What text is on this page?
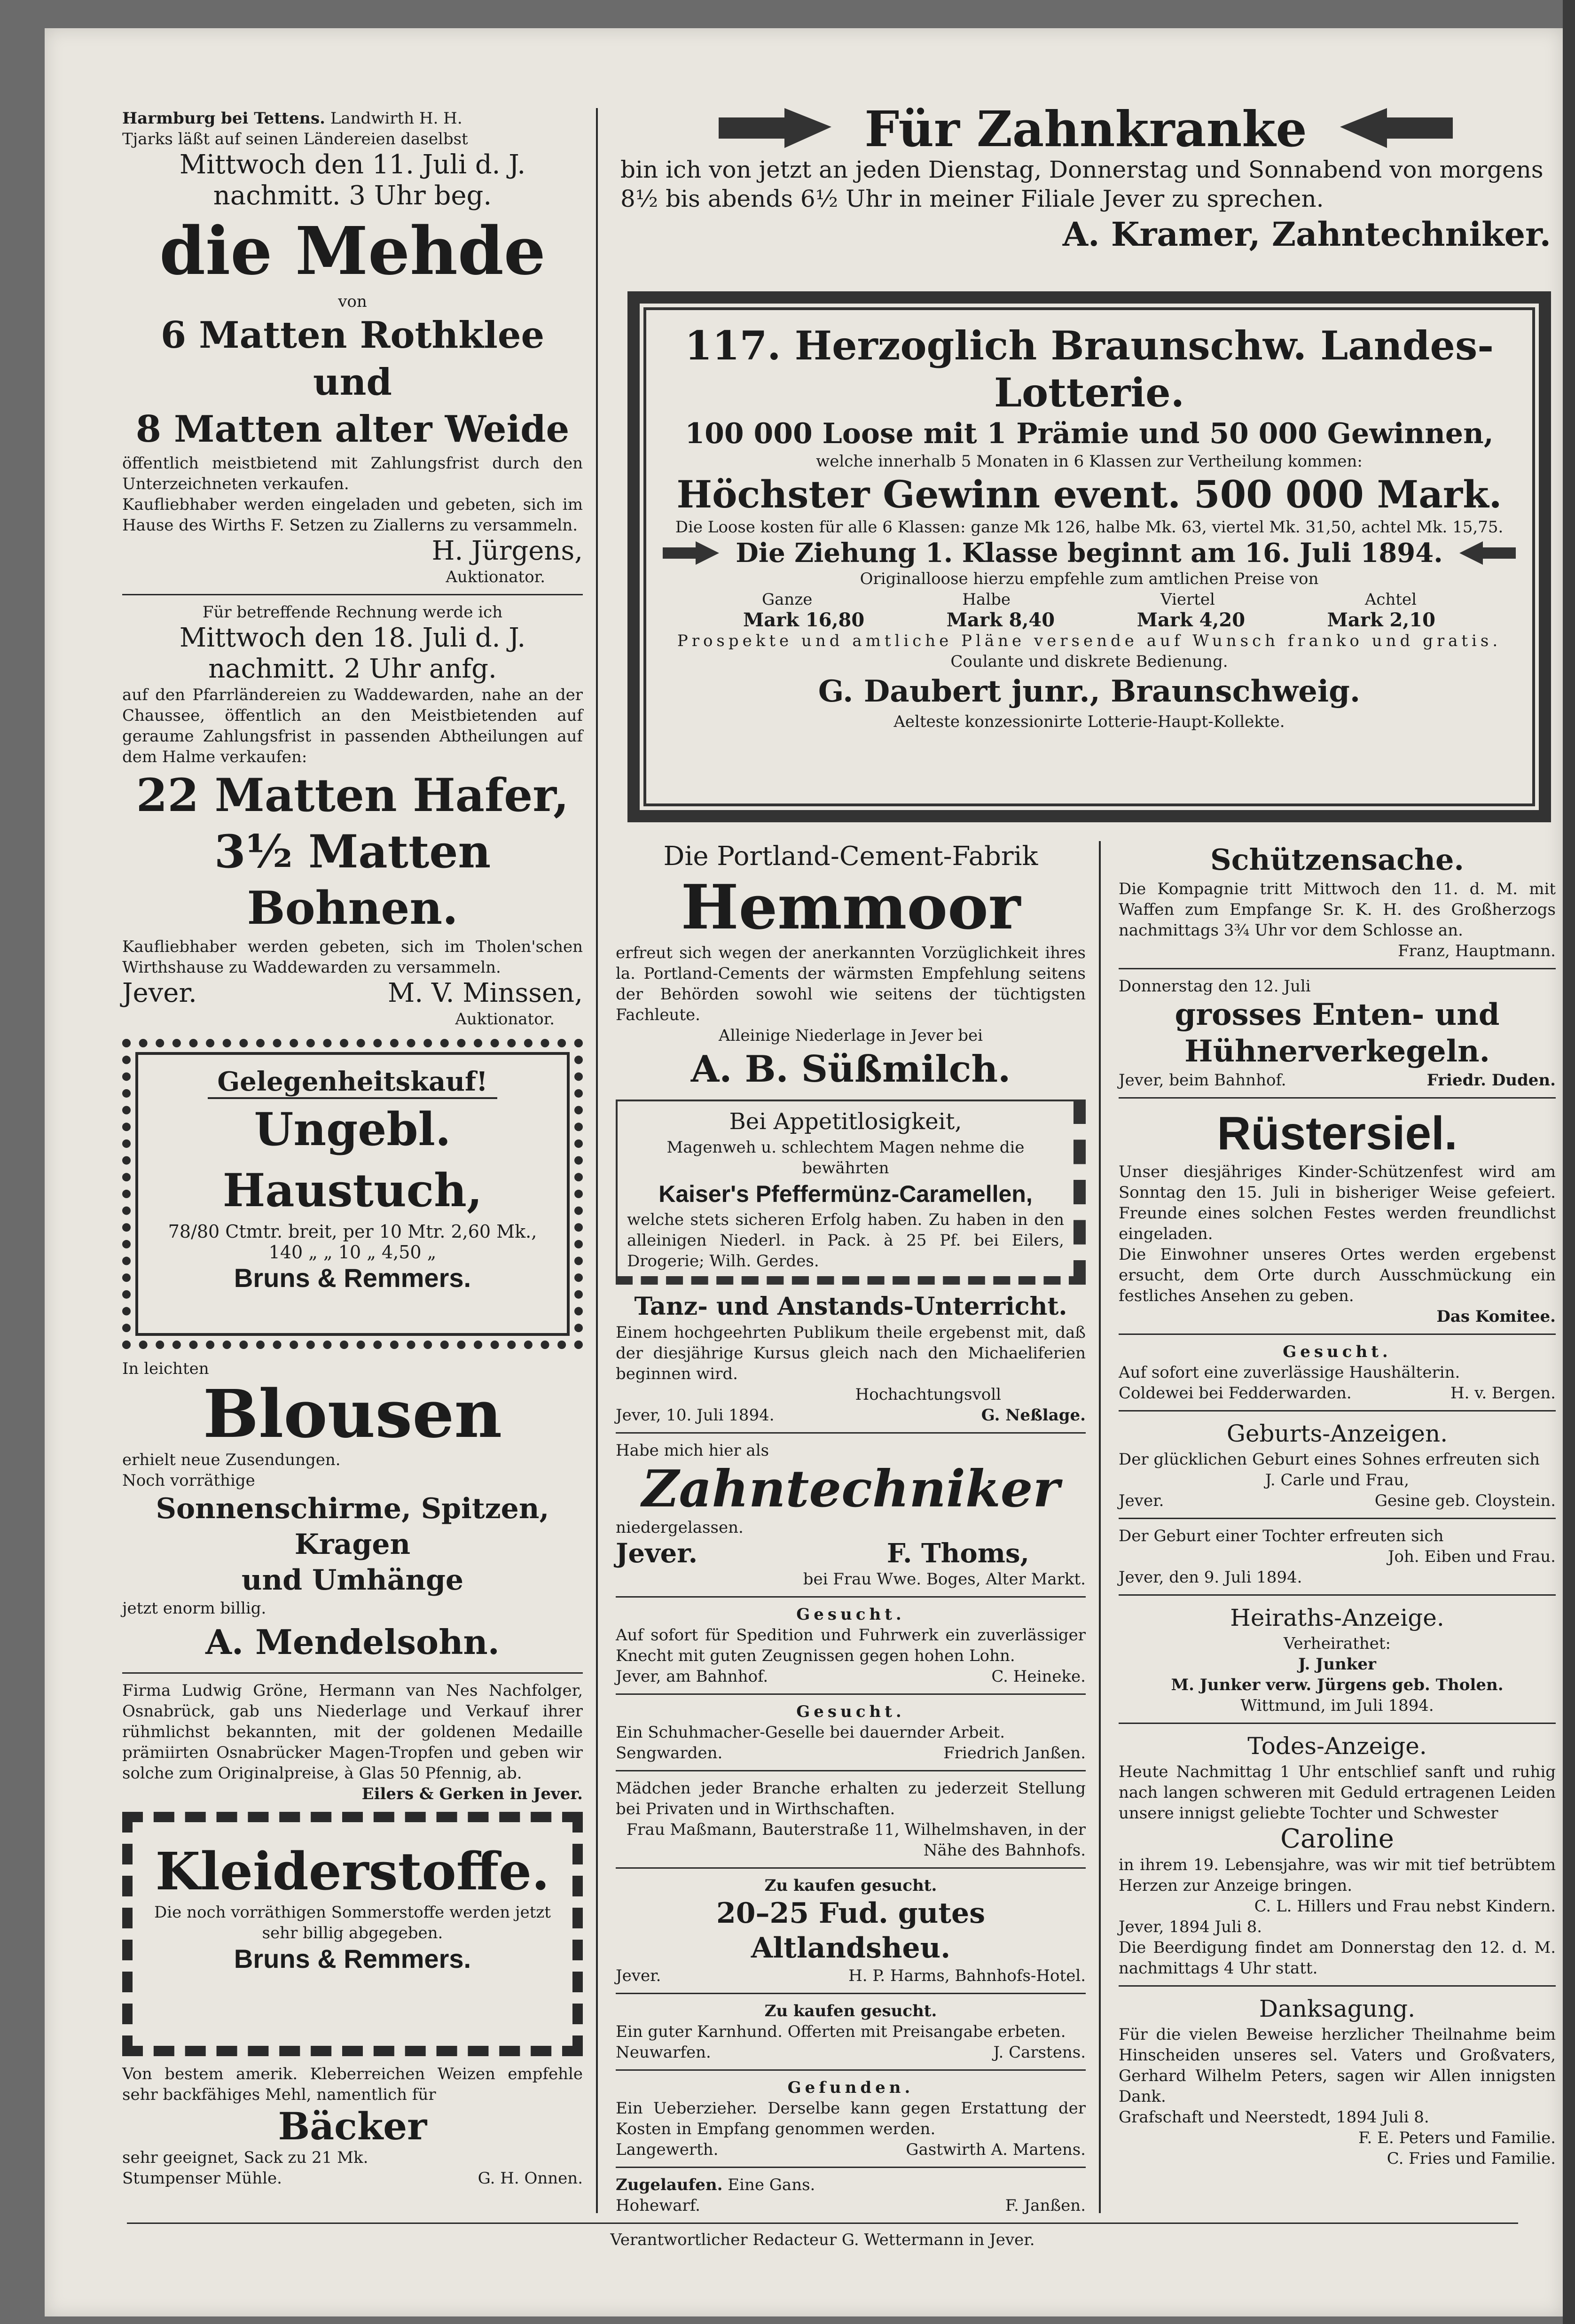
Harmburg bei Tettens. Landwirth H. H.
Tjarks läßt auf seinen Ländereien daselbst
Mittwoch den 11. Juli d. J.
nachmitt. 3 Uhr beg.
die Mehde
von
6 Matten Rothklee und
8 Matten alter Weide
öffentlich meistbietend mit Zahlungsfrist durch den Unterzeichneten verkaufen.
Kaufliebhaber werden eingeladen und gebeten, sich im Hause des Wirths F. Setzen zu Ziallerns zu versammeln.
H. Jürgens,
Auktionator.
Für betreffende Rechnung werde ich
Mittwoch den 18. Juli d. J.
nachmitt. 2 Uhr anfg.
auf den Pfarrländereien zu Waddewarden, nahe an der Chaussee, öffentlich an den Meistbietenden auf geraume Zahlungsfrist in passenden Abtheilungen auf dem Halme verkaufen:
22 Matten Hafer,
3½ Matten Bohnen.
Kaufliebhaber werden gebeten, sich im Tholen'schen Wirthshause zu Waddewarden zu versammeln.
Jever.	M. V. Minssen,
Auktionator.
Gelegenheitskauf!
Ungebl. Haustuch,
78/80 Ctmtr. breit, per 10 Mtr. 2,60 Mk.,
140 „ „ 10 „ 4,50 „
Bruns & Remmers.
In leichten
Blousen
erhielt neue Zusendungen.
Noch vorräthige
Sonnenschirme, Spitzen, Kragen
und Umhänge
jetzt enorm billig.
A. Mendelsohn.
Firma Ludwig Gröne, Hermann van Nes Nachfolger, Osnabrück, gab uns Niederlage und Verkauf ihrer rühmlichst bekannten, mit der goldenen Medaille prämiirten Osnabrücker Magen-Tropfen und geben wir solche zum Originalpreise, à Glas 50 Pfennig, ab.
Eilers & Gerken in Jever.
Kleiderstoffe.
Die noch vorräthigen Sommerstoffe werden jetzt sehr billig abgegeben.
Bruns & Remmers.
Von bestem amerik. Kleberreichen Weizen empfehle sehr backfähiges Mehl, namentlich für
Bäcker
sehr geeignet, Sack zu 21 Mk.
Stumpenser Mühle.	G. H. Onnen.
Für Zahnkranke
bin ich von jetzt an jeden Dienstag, Donnerstag und Sonnabend von morgens 8½ bis abends 6½ Uhr in meiner Filiale Jever zu sprechen.
A. Kramer, Zahntechniker.
117. Herzoglich Braunschw. Landes-Lotterie.
100 000 Loose mit 1 Prämie und 50 000 Gewinnen,
welche innerhalb 5 Monaten in 6 Klassen zur Vertheilung kommen:
Höchster Gewinn event. 500 000 Mark.
Die Loose kosten für alle 6 Klassen: ganze Mk 126, halbe Mk. 63, viertel Mk. 31,50, achtel Mk. 15,75.
Die Ziehung 1. Klasse beginnt am 16. Juli 1894.
Originalloose hierzu empfehle zum amtlichen Preise von
Ganze	Halbe	Viertel	Achtel
Mark 16,80	Mark 8,40	Mark 4,20	Mark 2,10
Prospekte und amtliche Pläne versende auf Wunsch franko und gratis.
Coulante und diskrete Bedienung.
G. Daubert junr., Braunschweig.
Aelteste konzessionirte Lotterie-Haupt-Kollekte.
Die Portland-Cement-Fabrik
Hemmoor
erfreut sich wegen der anerkannten Vorzüglichkeit ihres la. Portland-Cements der wärmsten Empfehlung seitens der Behörden sowohl wie seitens der tüchtigsten Fachleute.
Alleinige Niederlage in Jever bei
A. B. Süßmilch.
Bei Appetitlosigkeit,
Magenweh u. schlechtem Magen nehme die bewährten
Kaiser's Pfeffermünz-Caramellen,
welche stets sicheren Erfolg haben. Zu haben in den alleinigen Niederl. in Pack. à 25 Pf. bei Eilers, Drogerie; Wilh. Gerdes.
Tanz- und Anstands-Unterricht.
Einem hochgeehrten Publikum theile ergebenst mit, daß der diesjährige Kursus gleich nach den Michaeliferien beginnen wird.
Hochachtungsvoll
Jever, 10. Juli 1894.	G. Neßlage.
Habe mich hier als
Zahntechniker
niedergelassen.
Jever.	F. Thoms,
bei Frau Wwe. Boges, Alter Markt.
Gesucht.
Auf sofort für Spedition und Fuhrwerk ein zuverlässiger Knecht mit guten Zeugnissen gegen hohen Lohn.
Jever, am Bahnhof.	C. Heineke.
Gesucht.
Ein Schuhmacher-Geselle bei dauernder Arbeit.
Sengwarden.	Friedrich Janßen.
Mädchen jeder Branche erhalten zu jederzeit Stellung bei Privaten und in Wirthschaften.
Frau Maßmann, Bauterstraße 11, Wilhelmshaven, in der Nähe des Bahnhofs.
Zu kaufen gesucht.
20–25 Fud. gutes Altlandsheu.
Jever.	H. P. Harms, Bahnhofs-Hotel.
Zu kaufen gesucht.
Ein guter Karnhund. Offerten mit Preisangabe erbeten.
Neuwarfen.	J. Carstens.
Gefunden.
Ein Ueberzieher. Derselbe kann gegen Erstattung der Kosten in Empfang genommen werden.
Langewerth.	Gastwirth A. Martens.
Zugelaufen. Eine Gans.
Hohewarf.	F. Janßen.
Schützensache.
Die Kompagnie tritt Mittwoch den 11. d. M. mit Waffen zum Empfange Sr. K. H. des Großherzogs nachmittags 3¾ Uhr vor dem Schlosse an.
Franz, Hauptmann.
Donnerstag den 12. Juli
grosses Enten- und
Hühnerverkegeln.
Jever, beim Bahnhof.	Friedr. Duden.
Rüstersiel.
Unser diesjähriges Kinder-Schützenfest wird am Sonntag den 15. Juli in bisheriger Weise gefeiert. Freunde eines solchen Festes werden freundlichst eingeladen.
Die Einwohner unseres Ortes werden ergebenst ersucht, dem Orte durch Ausschmückung ein festliches Ansehen zu geben.
Das Komitee.
Gesucht.
Auf sofort eine zuverlässige Haushälterin.
Coldewei bei Fedderwarden.	H. v. Bergen.
Geburts-Anzeigen.
Der glücklichen Geburt eines Sohnes erfreuten sich
J. Carle und Frau,
Jever.	Gesine geb. Cloystein.
Der Geburt einer Tochter erfreuten sich
Joh. Eiben und Frau.
Jever, den 9. Juli 1894.
Heiraths-Anzeige.
Verheirathet:
J. Junker
M. Junker verw. Jürgens geb. Tholen.
Wittmund, im Juli 1894.
Todes-Anzeige.
Heute Nachmittag 1 Uhr entschlief sanft und ruhig nach langen schweren mit Geduld ertragenen Leiden unsere innigst geliebte Tochter und Schwester
Caroline
in ihrem 19. Lebensjahre, was wir mit tief betrübtem Herzen zur Anzeige bringen.
C. L. Hillers und Frau nebst Kindern.
Jever, 1894 Juli 8.
Die Beerdigung findet am Donnerstag den 12. d. M. nachmittags 4 Uhr statt.
Danksagung.
Für die vielen Beweise herzlicher Theilnahme beim Hinscheiden unseres sel. Vaters und Großvaters, Gerhard Wilhelm Peters, sagen wir Allen innigsten Dank.
Grafschaft und Neerstedt, 1894 Juli 8.
F. E. Peters und Familie.
C. Fries und Familie.
Verantwortlicher Redacteur G. Wettermann in Jever.
